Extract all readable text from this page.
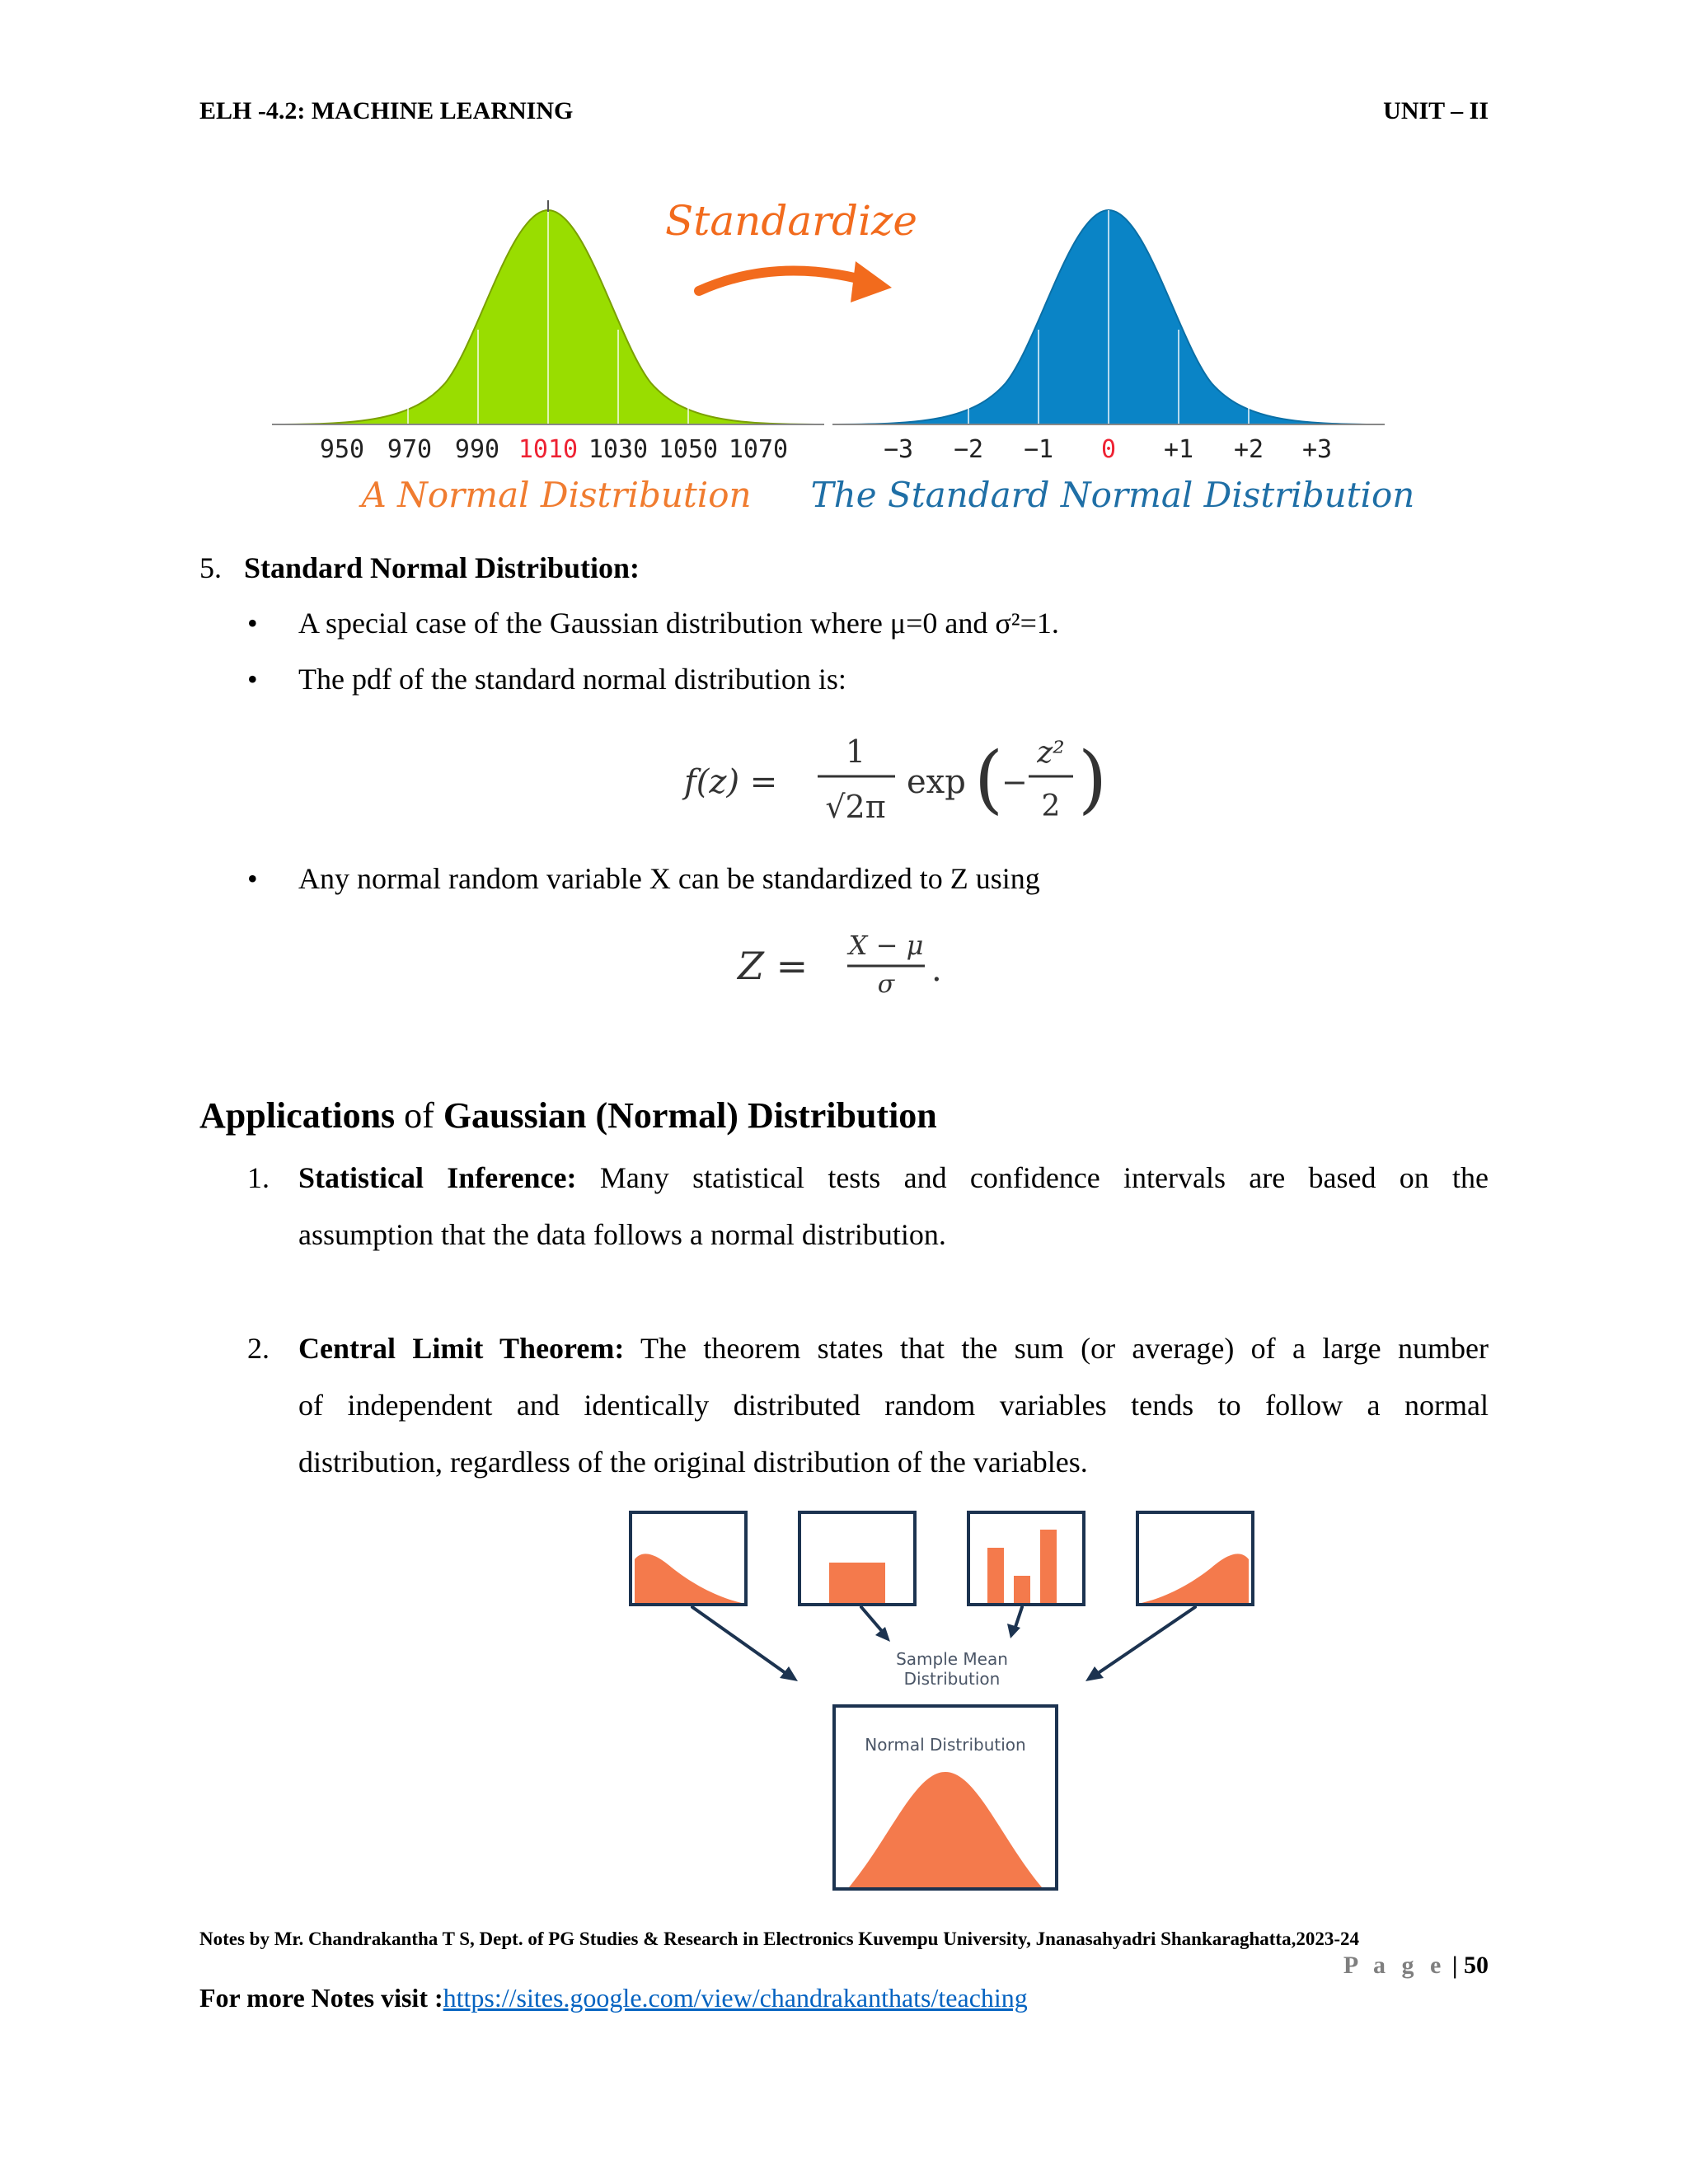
ELH -4.2: MACHINE LEARNING	UNIT – II
Standardize
950 970 990 1010 1030 1050 1070	−3 −2 −1 0 +1 +2 +3
A Normal Distribution The Standard Normal Distribution
5. Standard Normal Distribution:
• A special case of the Gaussian distribution where μ=0 and σ²=1.
• The pdf of the standard normal distribution is:
f(z) =
1
√2π
exp (
−
z²
2 )
• Any normal random variable X can be standardized to Z using
Z = X − μ
σ .
Applications of Gaussian (Normal) Distribution
1. Statistical Inference: Many statistical tests and confidence intervals are based on the
assumption that the data follows a normal distribution.
2. Central Limit Theorem: The theorem states that the sum (or average) of a large number
of independent and identically distributed random variables tends to follow a normal
distribution, regardless of the original distribution of the variables.
Sample Mean
Distribution
Normal Distribution
Notes by Mr. Chandrakantha T S, Dept. of PG Studies & Research in Electronics Kuvempu University, Jnanasahyadri Shankaraghatta,2023-24
P a g e | 50
For more Notes visit :https://sites.google.com/view/chandrakanthats/teaching
